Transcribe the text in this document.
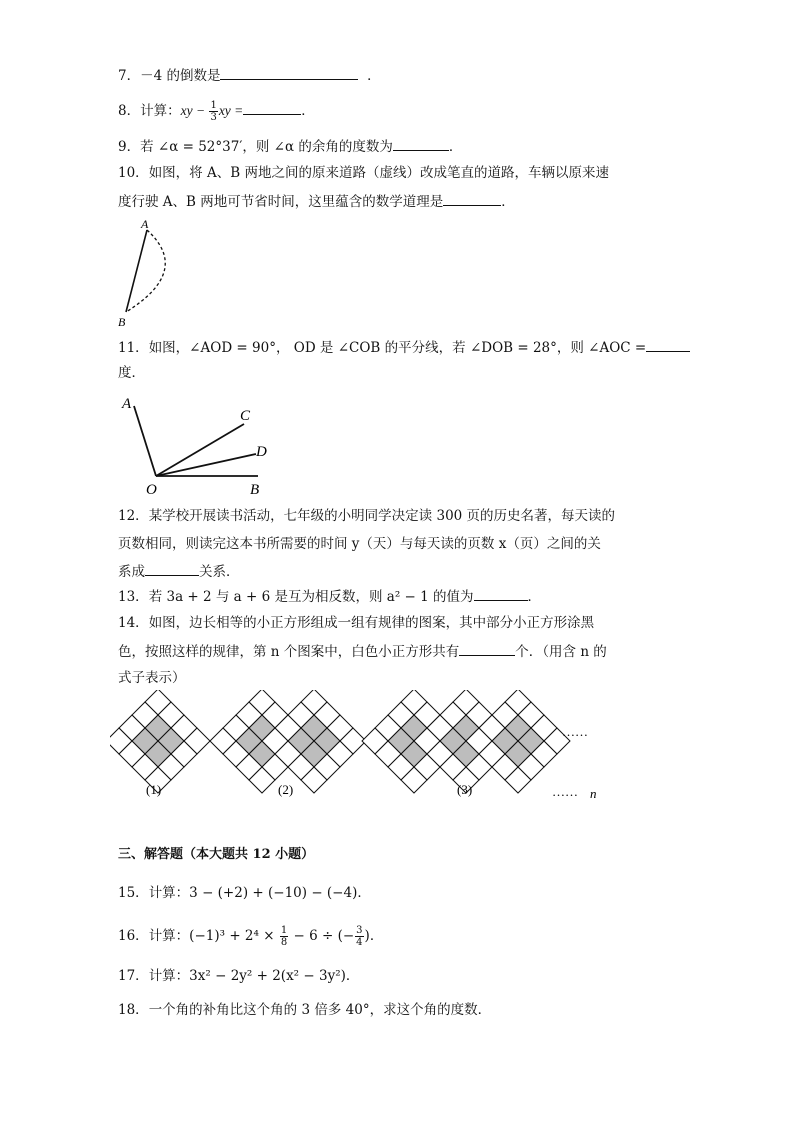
7．－4 的倒数是	．
8．计算：xy − $\frac{1}{3}$ xy =	．
9．若 ∠α = 52°37′，则 ∠α 的余角的度数为	．
10．如图，将 A、B 两地之间的原来道路（虚线）改成笔直的道路，车辆以原来速
度行驶 A、B 两地可节省时间，这里蕴含的数学道理是	．
A
B
11．如图，∠AOD = 90°， OD 是 ∠COB 的平分线，若 ∠DOB = 28°，则 ∠AOC =
度．
A
C
D
O	B
12．某学校开展读书活动，七年级的小明同学决定读 300 页的历史名著，每天读的
页数相同，则读完这本书所需要的时间 y（天）与每天读的页数 x（页）之间的关
系成	关系．
13．若 3a + 2 与 a + 6 是互为相反数，则 a² − 1 的值为	．
14．如图，边长相等的小正方形组成一组有规律的图案，其中部分小正方形涂黑
色，按照这样的规律，第 n 个图案中，白色小正方形共有	个．（用含 n 的
式子表示）
(1)	(2)	(3)
……
…… n
三、解答题（本大题共 12 小题）
15．计算：3 − (+2) + (−10) − (−4)．
16．计算：$(-1)^3 + 2^4 \times \frac{1}{8} - 6$ ÷ (− $\frac{3}{4}$ )．
17．计算：3x² − 2y² + 2(x² − 3y²)．
18．一个角的补角比这个角的 3 倍多 40°，求这个角的度数．
